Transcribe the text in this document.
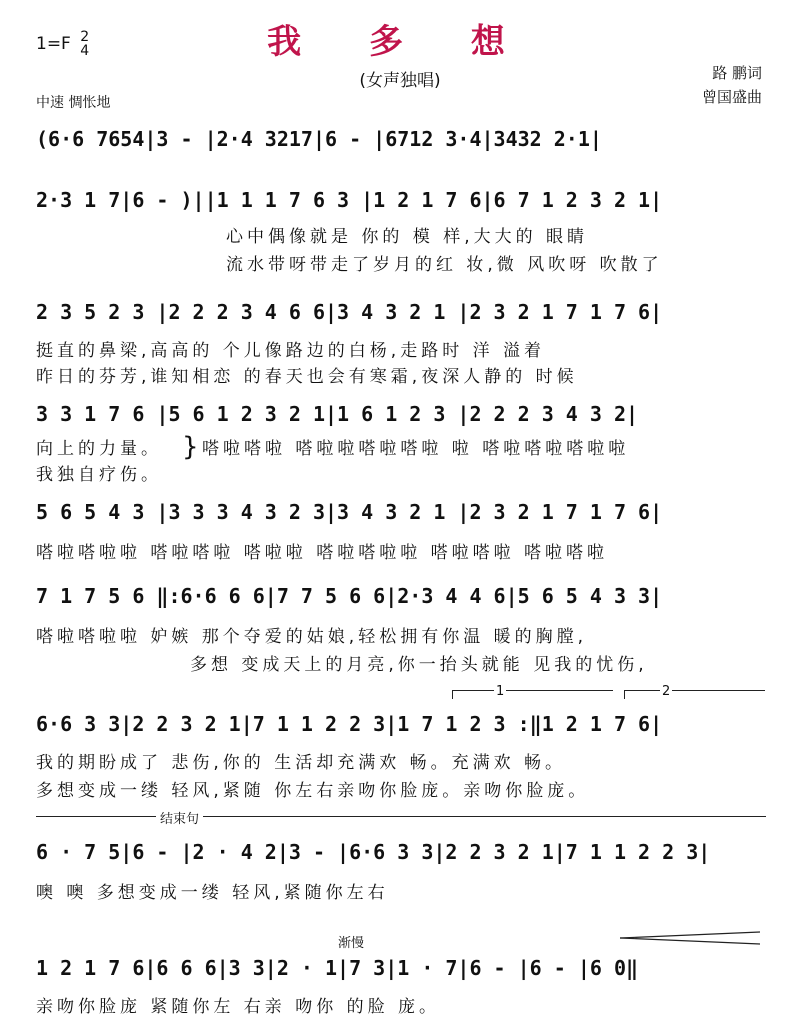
我 多 想
(女声独唱)
1=F 2
4
中速 惆怅地
路 鹏词
曾国盛曲
(6·6 7654|3 - |2·4 3217|6 - |6712 3·4|3432 2·1|
2·3 1 7|6 - )||1 1 1 7 6 3 |1 2 1 7 6|6 7 1 2 3 2 1|
心中偶像就是 你的 模 样,大大的 眼睛
流水带呀带走了岁月的红 妆,微 风吹呀 吹散了
2 3 5 2 3 |2 2 2 3 4 6 6|3 4 3 2 1 |2 3 2 1 7 1 7 6|
挺直的鼻梁,高高的 个儿像路边的白杨,走路时 洋 溢着
昨日的芬芳,谁知相恋 的春天也会有寒霜,夜深人静的 时候
3 3 1 7 6 |5 6 1 2 3 2 1|1 6 1 2 3 |2 2 2 3 4 3 2|
向上的力量。
我独自疗伤。
} 嗒啦嗒啦 嗒啦啦嗒啦嗒啦 啦 嗒啦嗒啦嗒啦啦
5 6 5 4 3 |3 3 3 4 3 2 3|3 4 3 2 1 |2 3 2 1 7 1 7 6|
嗒啦嗒啦啦 嗒啦嗒啦 嗒啦啦 嗒啦嗒啦啦 嗒啦嗒啦 嗒啦嗒啦
7 1 7 5 6 ‖:6·6 6 6|7 7 5 6 6|2·3 4 4 6|5 6 5 4 3 3|
嗒啦嗒啦啦 妒嫉 那个夺爱的姑娘,轻松拥有你温 暖的胸膛,
多想 变成天上的月亮,你一抬头就能 见我的忧伤,
1	2
6·6 3 3|2 2 3 2 1|7 1 1 2 2 3|1 7 1 2 3 :‖1 2 1 7 6|
我的期盼成了 悲伤,你的 生活却充满欢 畅。充满欢 畅。
多想变成一缕 轻风,紧随 你左右亲吻你脸庞。亲吻你脸庞。
结束句
6 · 7 5|6 - |2 · 4 2|3 - |6·6 3 3|2 2 3 2 1|7 1 1 2 2 3|
噢 噢 多想变成一缕 轻风,紧随你左右
渐慢
1 2 1 7 6|6 6 6|3 3|2 · 1|7 3|1 · 7|6 - |6 - |6 0‖
亲吻你脸庞 紧随你左 右亲 吻你 的脸 庞。
